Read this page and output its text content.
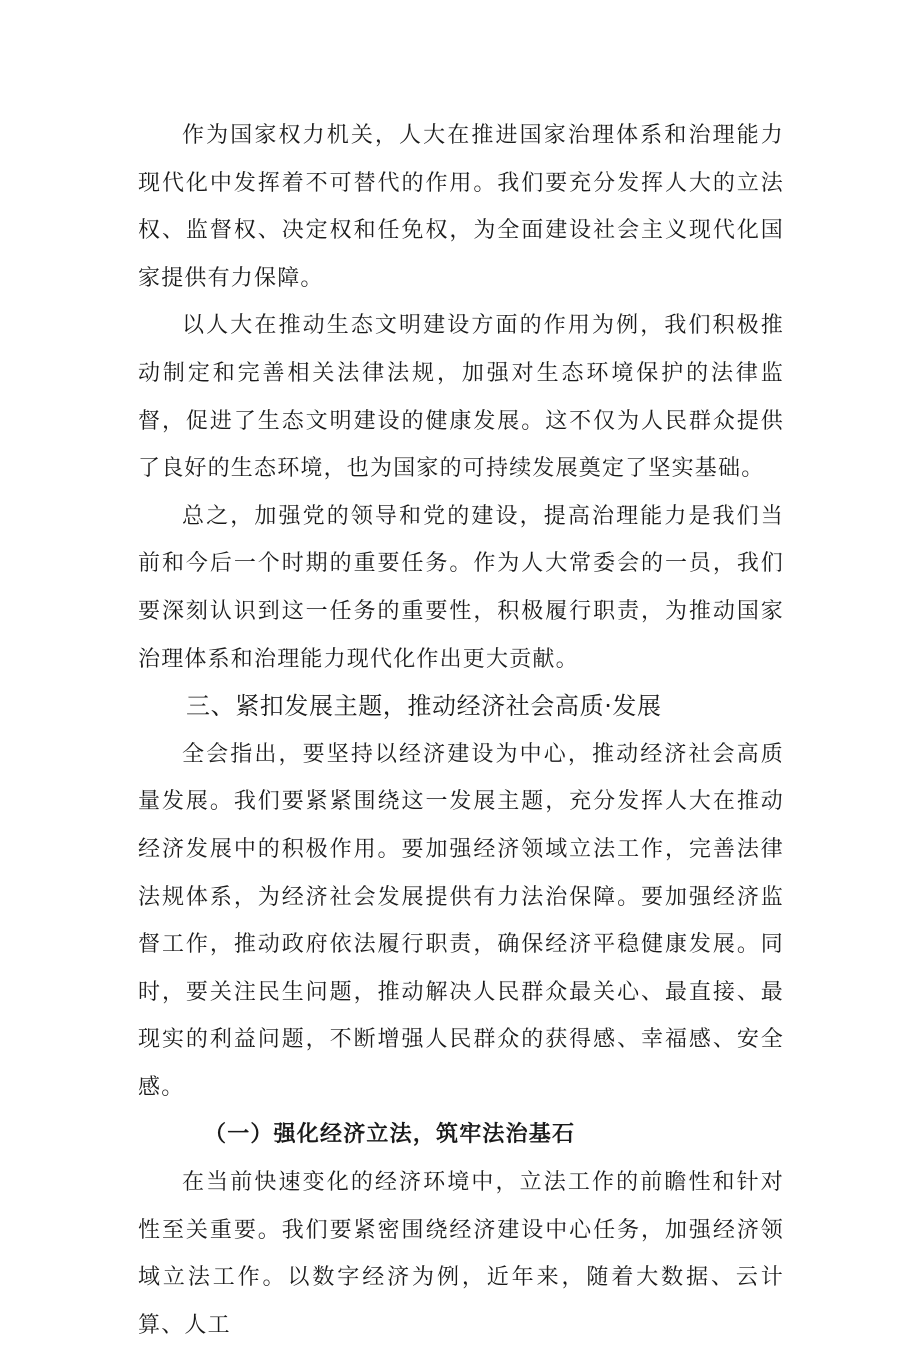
作为国家权力机关，人大在推进国家治理体系和治理能力现代化中发挥着不可替代的作用。我们要充分发挥人大的立法权、监督权、决定权和任免权，为全面建设社会主义现代化国家提供有力保障。

以人大在推动生态文明建设方面的作用为例，我们积极推动制定和完善相关法律法规，加强对生态环境保护的法律监督，促进了生态文明建设的健康发展。这不仅为人民群众提供了良好的生态环境，也为国家的可持续发展奠定了坚实基础。

总之，加强党的领导和党的建设，提高治理能力是我们当前和今后一个时期的重要任务。作为人大常委会的一员，我们要深刻认识到这一任务的重要性，积极履行职责，为推动国家治理体系和治理能力现代化作出更大贡献。

三、紧扣发展主题，推动经济社会高质·发展

全会指出，要坚持以经济建设为中心，推动经济社会高质量发展。我们要紧紧围绕这一发展主题，充分发挥人大在推动经济发展中的积极作用。要加强经济领域立法工作，完善法律法规体系，为经济社会发展提供有力法治保障。要加强经济监督工作，推动政府依法履行职责，确保经济平稳健康发展。同时，要关注民生问题，推动解决人民群众最关心、最直接、最现实的利益问题，不断增强人民群众的获得感、幸福感、安全感。

（一）强化经济立法，筑牢法治基石

在当前快速变化的经济环境中，立法工作的前瞻性和针对性至关重要。我们要紧密围绕经济建设中心任务，加强经济领域立法工作。以数字经济为例，近年来，随着大数据、云计算、人工
